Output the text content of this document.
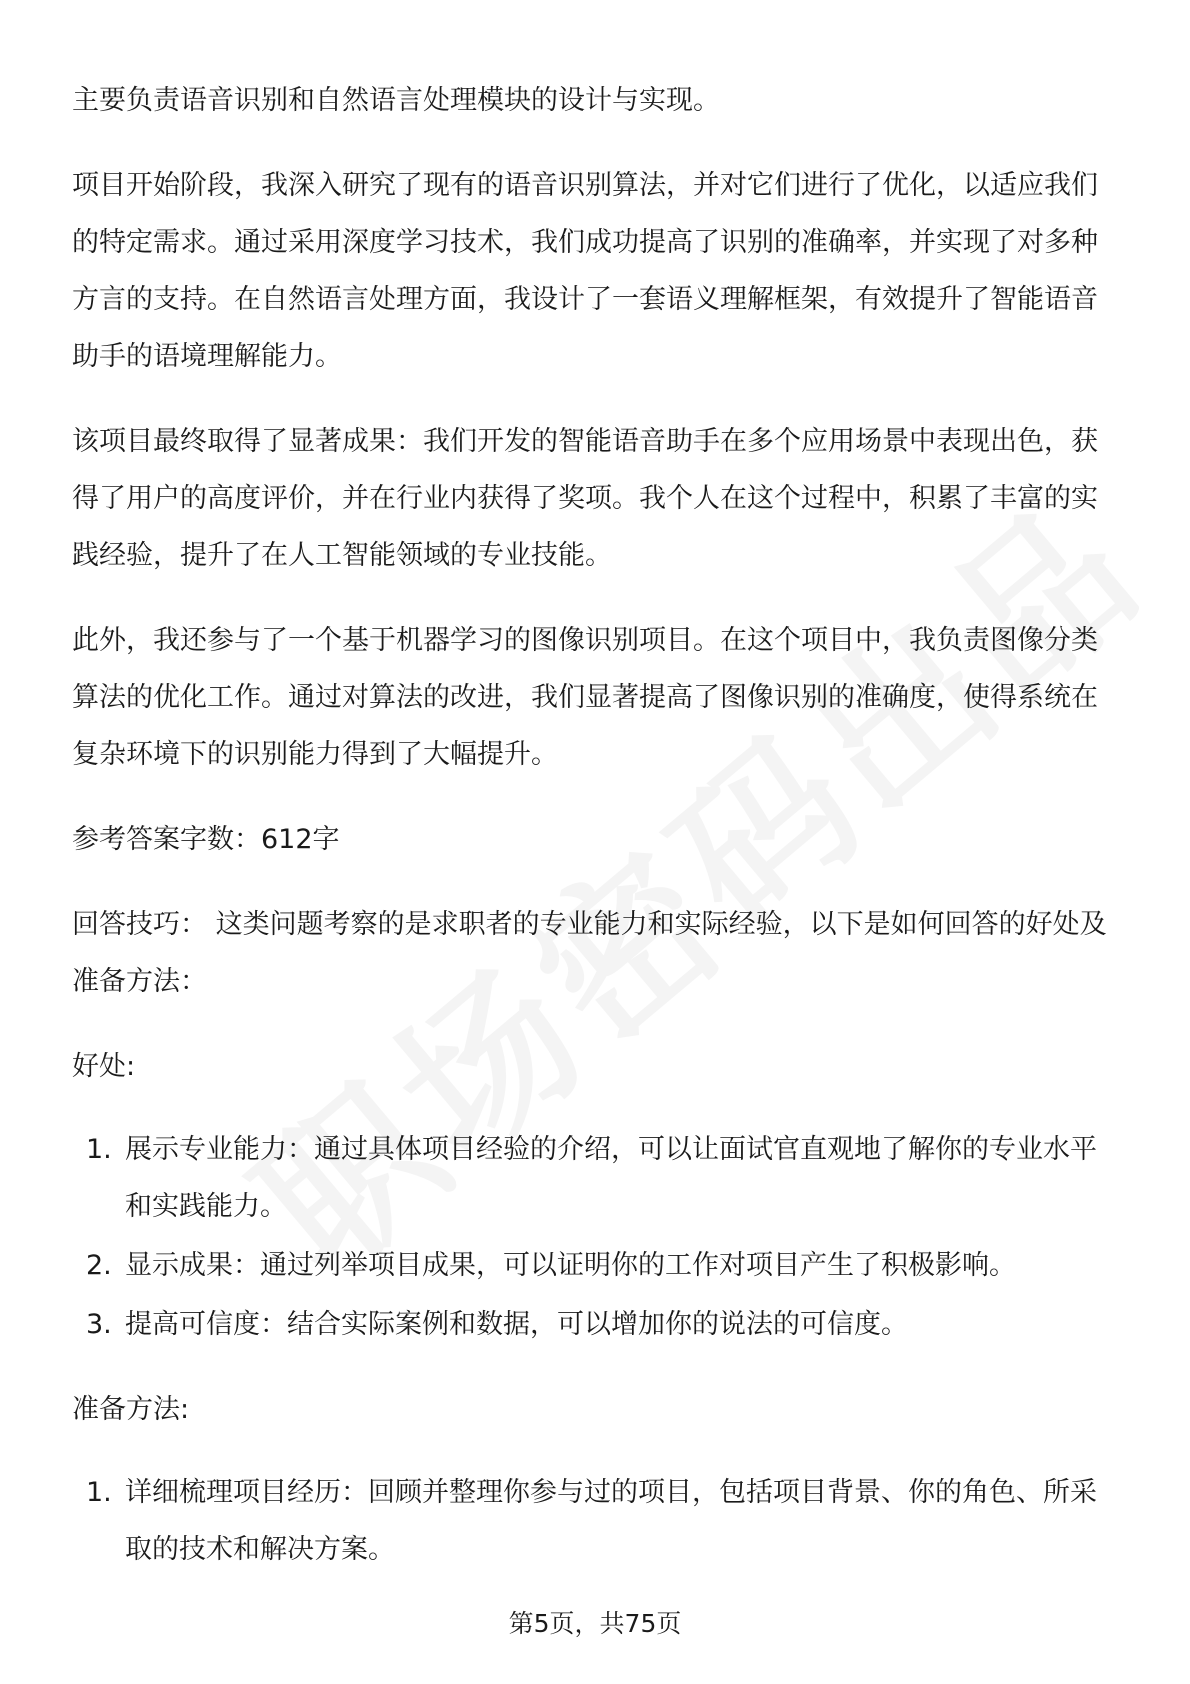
主要负责语音识别和自然语言处理模块的设计与实现。

项目开始阶段，我深入研究了现有的语音识别算法，并对它们进行了优化，以适应我们的特定需求。通过采用深度学习技术，我们成功提高了识别的准确率，并实现了对多种方言的支持。在自然语言处理方面，我设计了一套语义理解框架，有效提升了智能语音助手的语境理解能力。

该项目最终取得了显著成果：我们开发的智能语音助手在多个应用场景中表现出色，获得了用户的高度评价，并在行业内获得了奖项。我个人在这个过程中，积累了丰富的实践经验，提升了在人工智能领域的专业技能。

此外，我还参与了一个基于机器学习的图像识别项目。在这个项目中，我负责图像分类算法的优化工作。通过对算法的改进，我们显著提高了图像识别的准确度，使得系统在复杂环境下的识别能力得到了大幅提升。

参考答案字数：612字

回答技巧： 这类问题考察的是求职者的专业能力和实际经验，以下是如何回答的好处及准备方法：

好处:

1. 展示专业能力：通过具体项目经验的介绍，可以让面试官直观地了解你的专业水平和实践能力。
2. 显示成果：通过列举项目成果，可以证明你的工作对项目产生了积极影响。
3. 提高可信度：结合实际案例和数据，可以增加你的说法的可信度。

准备方法:

1. 详细梳理项目经历：回顾并整理你参与过的项目，包括项目背景、你的角色、所采取的技术和解决方案。
第5页，共75页
